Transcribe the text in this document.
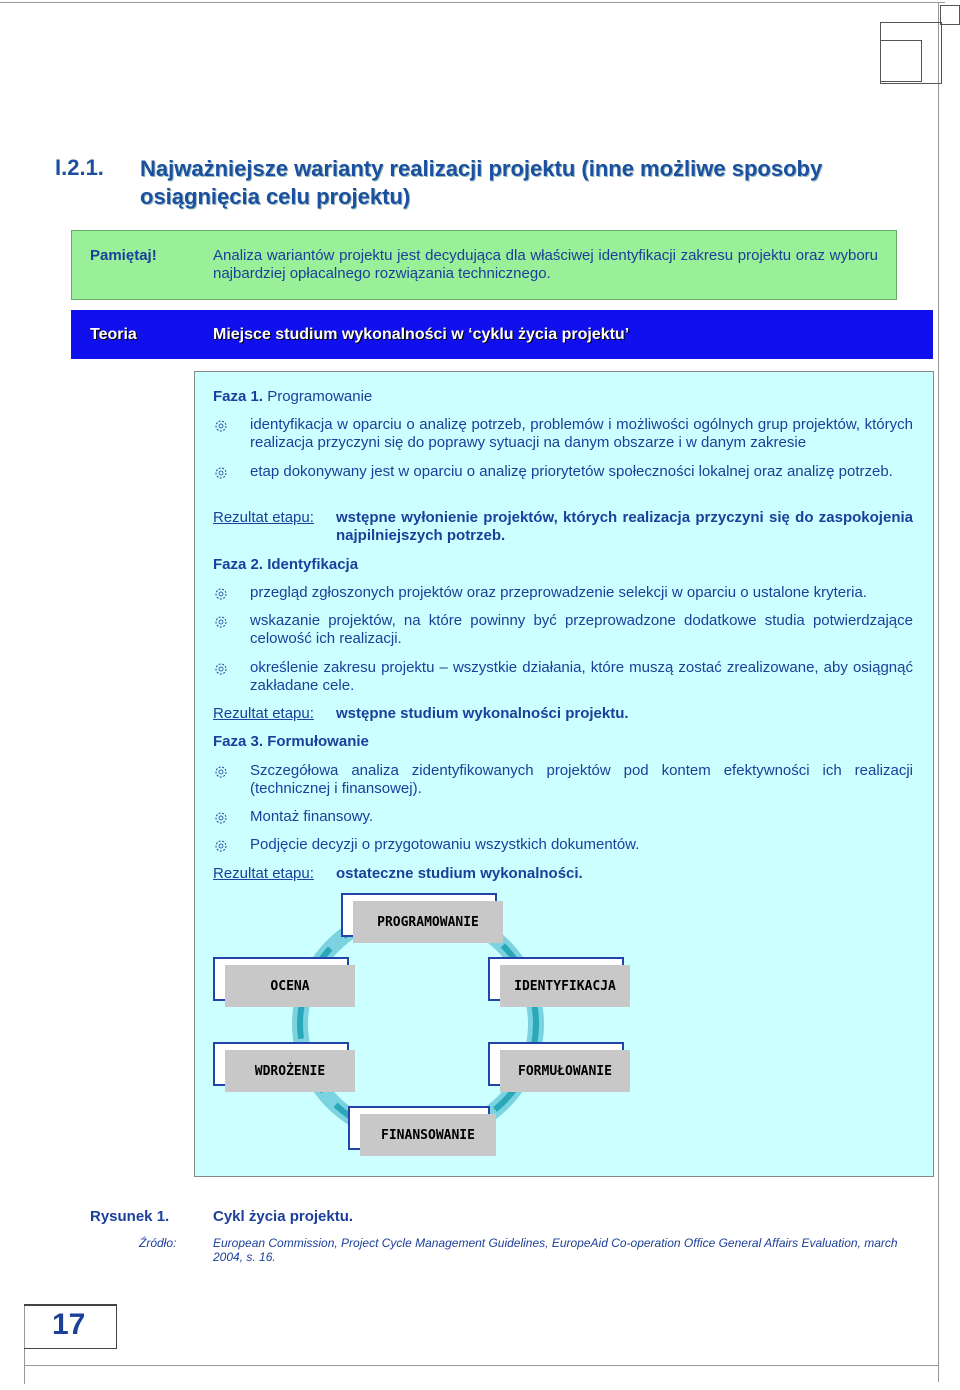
I.2.1. Najważniejsze warianty realizacji projektu (inne możliwe sposoby osiągnięcia celu projektu)
Pamiętaj!	Analiza wariantów projektu jest decydująca dla właściwej identyfikacji zakresu projektu oraz wyboru najbardziej opłacalnego rozwiązania technicznego.
Teoria	Miejsce studium wykonalności w ‘cyklu życia projektu’
Faza 1. Programowanie
identyfikacja w oparciu o analizę potrzeb, problemów i możliwości ogólnych grup projektów, których realizacja przyczyni się do poprawy sytuacji na danym obszarze i w danym zakresie
etap dokonywany jest w oparciu o analizę priorytetów społeczności lokalnej oraz analizę potrzeb.
Rezultat etapu: wstępne wyłonienie projektów, których realizacja przyczyni się do zaspokojenia najpilniejszych potrzeb.
Faza 2. Identyfikacja
przegląd zgłoszonych projektów oraz przeprowadzenie selekcji w oparciu o ustalone kryteria.
wskazanie projektów, na które powinny być przeprowadzone dodatkowe studia potwierdzające celowość ich realizacji.
określenie zakresu projektu – wszystkie działania, które muszą zostać zrealizowane, aby osiągnąć zakładane cele.
Rezultat etapu: wstępne studium wykonalności projektu.
Faza 3. Formułowanie
Szczegółowa analiza zidentyfikowanych projektów pod kontem efektywności ich realizacji (technicznej i finansowej).
Montaż finansowy.
Podjęcie decyzji o przygotowaniu wszystkich dokumentów.
Rezultat etapu: ostateczne studium wykonalności.
PROGRAMOWANIE
IDENTYFIKACJA
FORMUŁOWANIE
FINANSOWANIE
WDROŻENIE
OCENA
Rysunek 1.	Cykl życia projektu.
Źródło:	European Commission, Project Cycle Management Guidelines, EuropeAid Co-operation Office General Affairs Evaluation, march 2004, s. 16.
17
